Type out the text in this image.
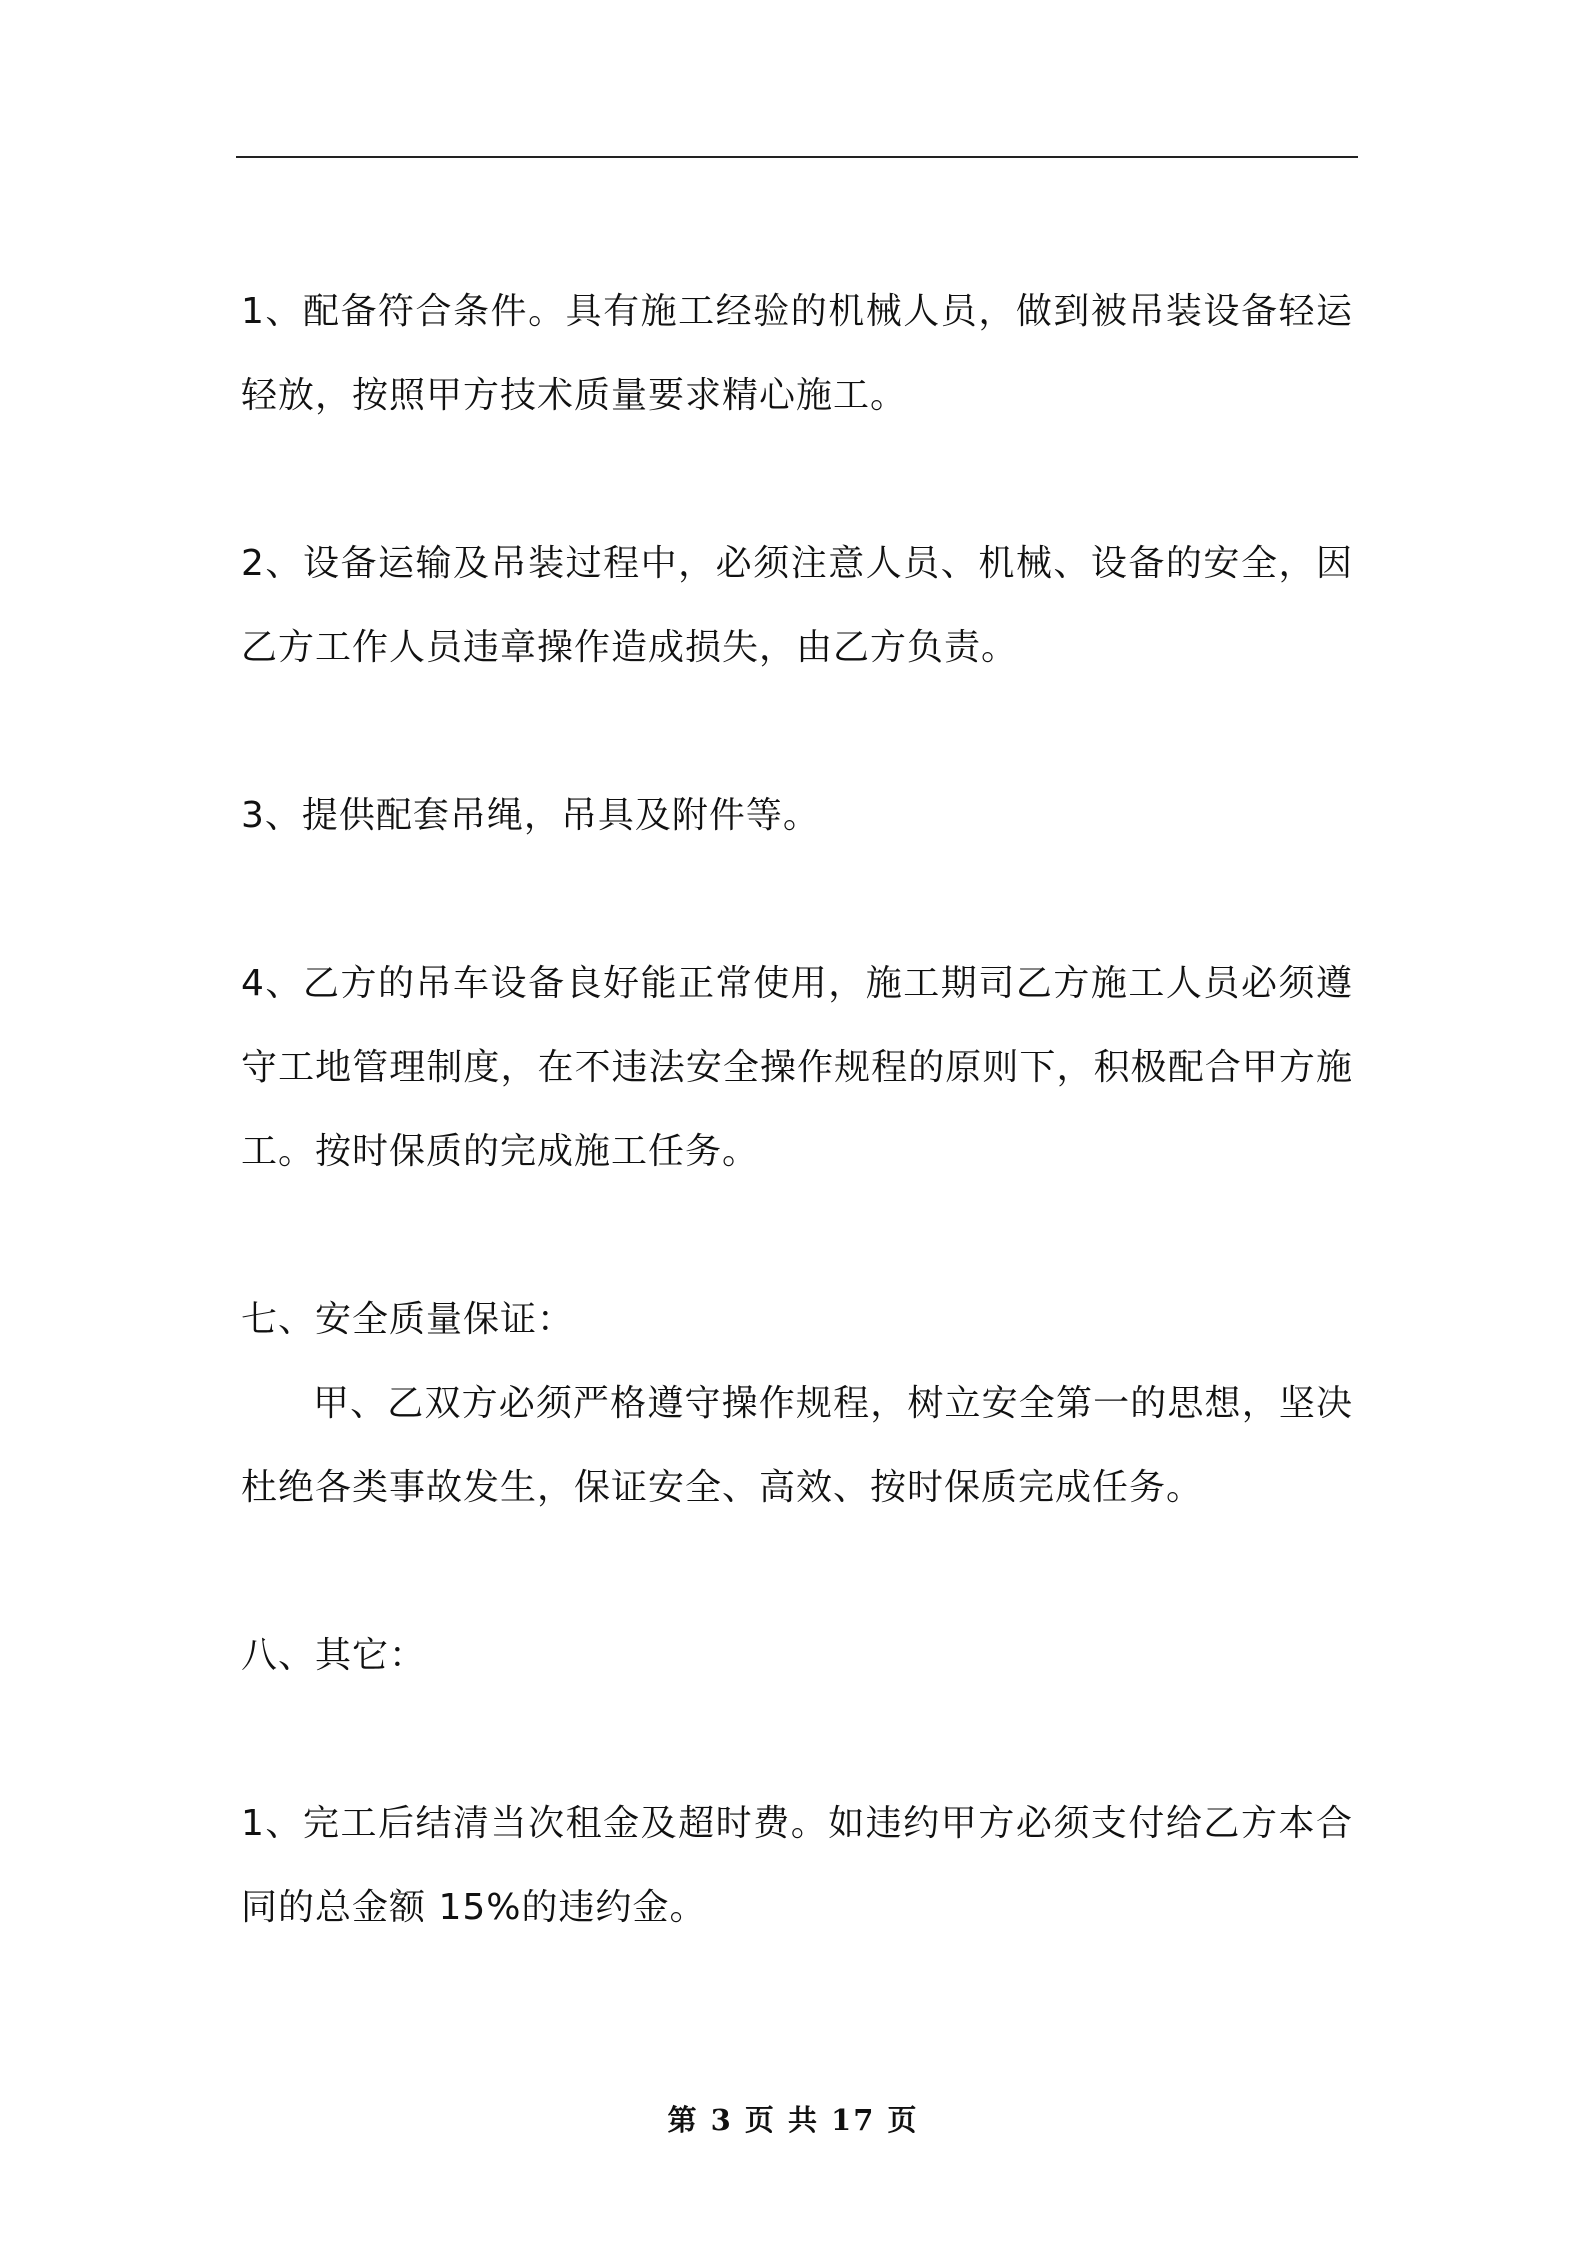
1、配备符合条件。具有施工经验的机械人员，做到被吊装设备轻运轻放，按照甲方技术质量要求精心施工。

2、设备运输及吊装过程中，必须注意人员、机械、设备的安全，因乙方工作人员违章操作造成损失，由乙方负责。

3、提供配套吊绳，吊具及附件等。

4、乙方的吊车设备良好能正常使用，施工期司乙方施工人员必须遵守工地管理制度，在不违法安全操作规程的原则下，积极配合甲方施工。按时保质的完成施工任务。

七、安全质量保证：

甲、乙双方必须严格遵守操作规程，树立安全第一的思想，坚决杜绝各类事故发生，保证安全、高效、按时保质完成任务。

八、其它：

1、完工后结清当次租金及超时费。如违约甲方必须支付给乙方本合同的总金额 15%的违约金。

第 3 页 共 17 页
